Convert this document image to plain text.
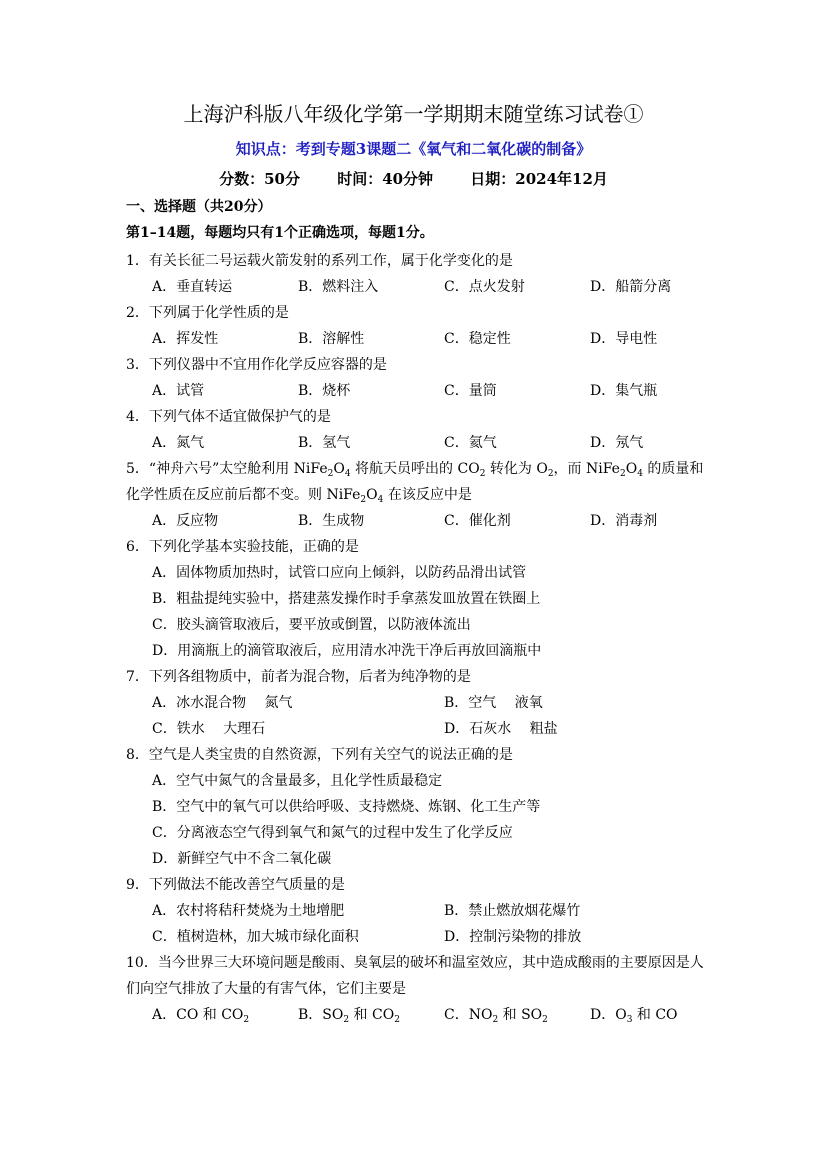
上海沪科版八年级化学第一学期期末随堂练习试卷①
知识点：考到专题3课题二《氧气和二氧化碳的制备》
分数：50分 时间：40分钟 日期：2024年12月
一、选择题（共20分）
第1–14题，每题均只有1个正确选项，每题1分。
1．有关长征二号运载火箭发射的系列工作，属于化学变化的是
A．垂直转运	B．燃料注入	C．点火发射	D．船箭分离
2．下列属于化学性质的是
A．挥发性	B．溶解性	C．稳定性	D．导电性
3．下列仪器中不宜用作化学反应容器的是
A．试管	B．烧杯	C．量筒	D．集气瓶
4．下列气体不适宜做保护气的是
A．氮气	B．氢气	C．氦气	D．氖气
5．“神舟六号”太空舱利用 $NiFe_2O_4$ 将航天员呼出的 $CO_2$ 转化为 $O_2$，而 $NiFe_2O_4$ 的质量和
化学性质在反应前后都不变。则 $NiFe_2O_4$ 在该反应中是
A．反应物	B．生成物	C．催化剂	D．消毒剂
6．下列化学基本实验技能，正确的是
A．固体物质加热时，试管口应向上倾斜，以防药品滑出试管
B．粗盐提纯实验中，搭建蒸发操作时手拿蒸发皿放置在铁圈上
C．胶头滴管取液后，要平放或倒置，以防液体流出
D．用滴瓶上的滴管取液后，应用清水冲洗干净后再放回滴瓶中
7．下列各组物质中，前者为混合物，后者为纯净物的是
A．冰水混合物　 氮气	B．空气　 液氧
C．铁水　 大理石	D．石灰水　 粗盐
8．空气是人类宝贵的自然资源，下列有关空气的说法正确的是
A．空气中氮气的含量最多，且化学性质最稳定
B．空气中的氧气可以供给呼吸、支持燃烧、炼钢、化工生产等
C．分离液态空气得到氧气和氮气的过程中发生了化学反应
D．新鲜空气中不含二氧化碳
9．下列做法不能改善空气质量的是
A．农村将秸秆焚烧为土地增肥	B．禁止燃放烟花爆竹
C．植树造林，加大城市绿化面积	D．控制污染物的排放
10．当今世界三大环境问题是酸雨、臭氧层的破坏和温室效应，其中造成酸雨的主要原因是人们向空气排放了大量的有害气体，它们主要是
A．CO 和 $CO_2$	B．$SO_2$ 和 $CO_2$	C．$NO_2$ 和 $SO_2$	D．$O_3$ 和 CO
